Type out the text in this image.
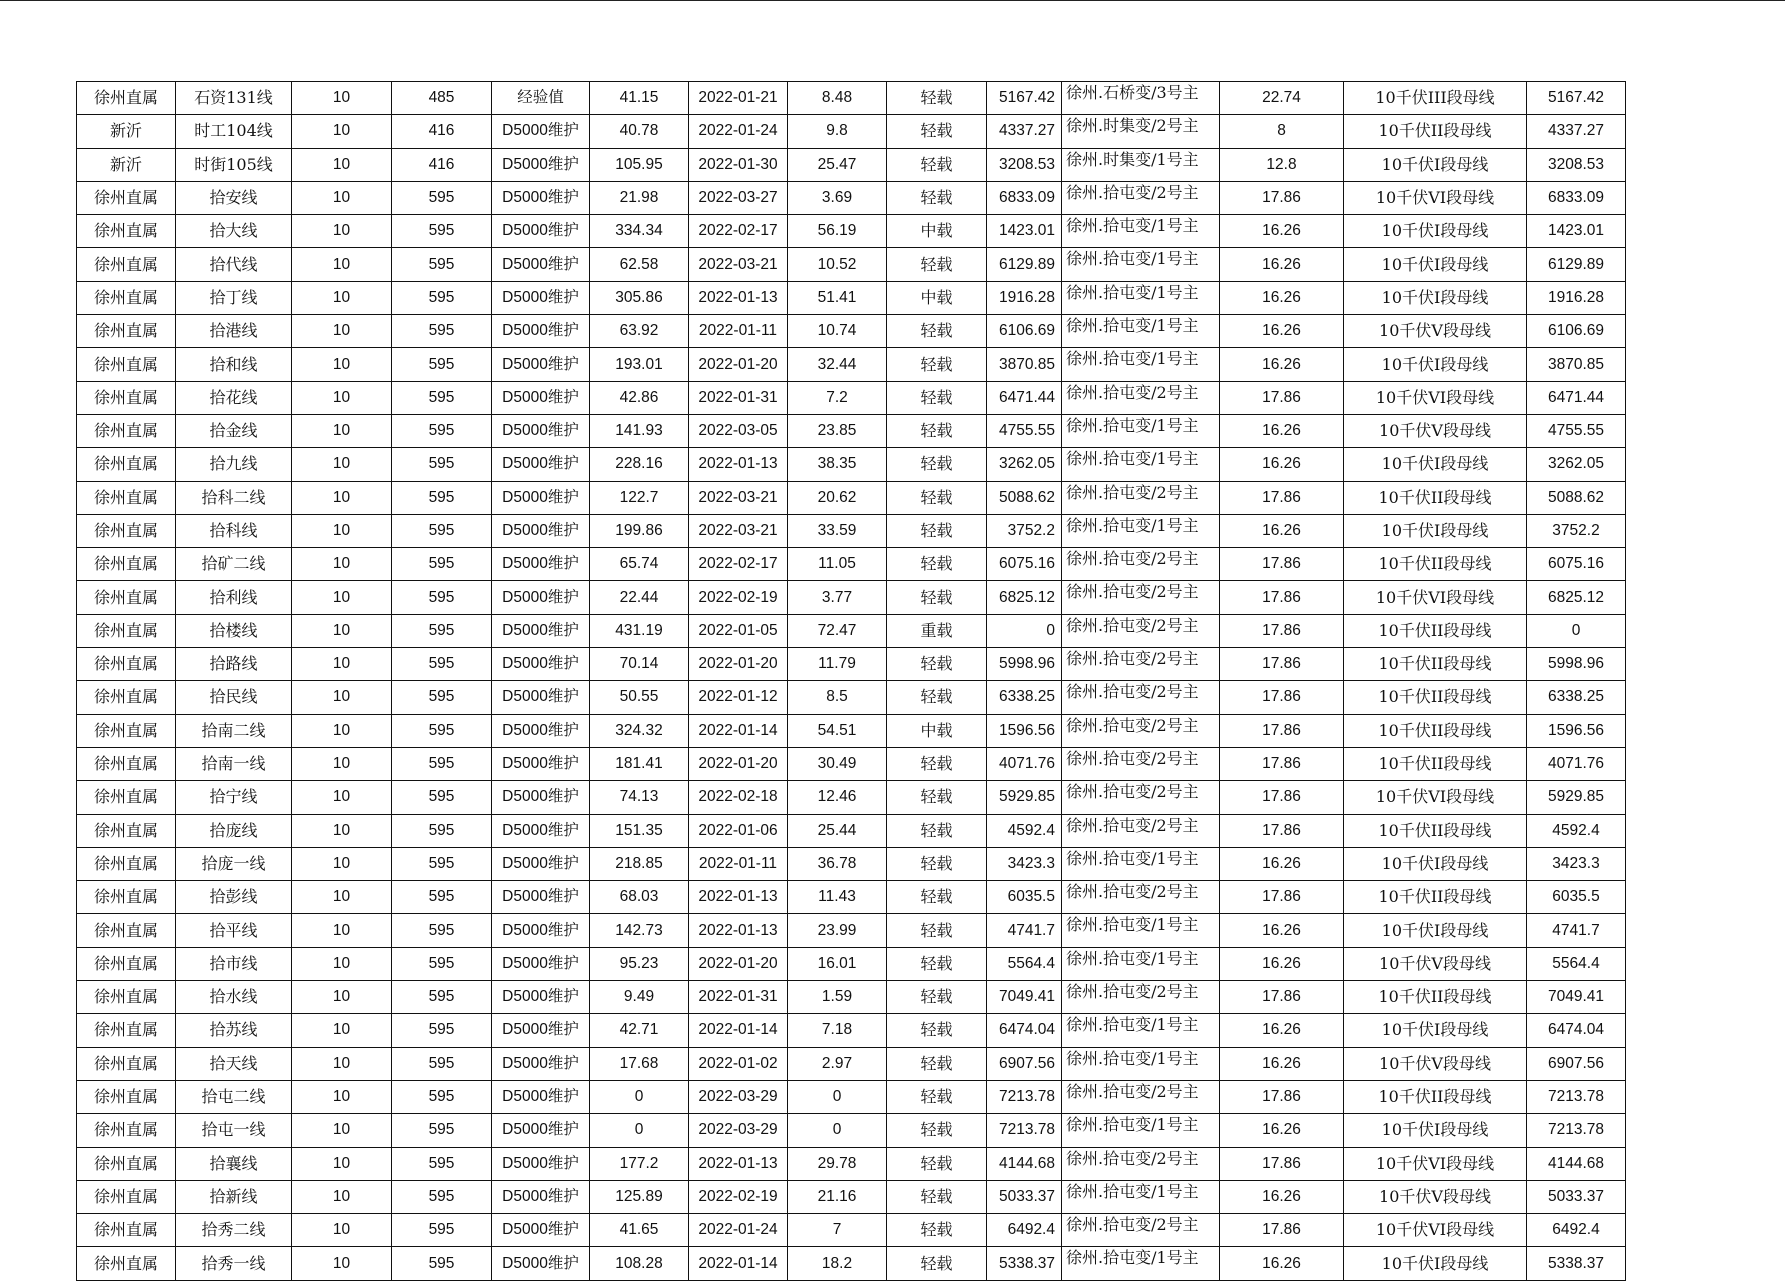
徐州直属	石资131线	10	485	经验值	41.15	2022-01-21	8.48	轻载	5167.42	徐州.石桥变/3号主	22.74	10千伏III段母线	5167.42
新沂	时工104线	10	416	D5000维护	40.78	2022-01-24	9.8	轻载	4337.27	徐州.时集变/2号主	8	10千伏II段母线	4337.27
新沂	时街105线	10	416	D5000维护	105.95	2022-01-30	25.47	轻载	3208.53	徐州.时集变/1号主	12.8	10千伏I段母线	3208.53
徐州直属	拾安线	10	595	D5000维护	21.98	2022-03-27	3.69	轻载	6833.09	徐州.拾屯变/2号主	17.86	10千伏VI段母线	6833.09
徐州直属	拾大线	10	595	D5000维护	334.34	2022-02-17	56.19	中载	1423.01	徐州.拾屯变/1号主	16.26	10千伏I段母线	1423.01
徐州直属	拾代线	10	595	D5000维护	62.58	2022-03-21	10.52	轻载	6129.89	徐州.拾屯变/1号主	16.26	10千伏I段母线	6129.89
徐州直属	拾丁线	10	595	D5000维护	305.86	2022-01-13	51.41	中载	1916.28	徐州.拾屯变/1号主	16.26	10千伏I段母线	1916.28
徐州直属	拾港线	10	595	D5000维护	63.92	2022-01-11	10.74	轻载	6106.69	徐州.拾屯变/1号主	16.26	10千伏V段母线	6106.69
徐州直属	拾和线	10	595	D5000维护	193.01	2022-01-20	32.44	轻载	3870.85	徐州.拾屯变/1号主	16.26	10千伏I段母线	3870.85
徐州直属	拾花线	10	595	D5000维护	42.86	2022-01-31	7.2	轻载	6471.44	徐州.拾屯变/2号主	17.86	10千伏VI段母线	6471.44
徐州直属	拾金线	10	595	D5000维护	141.93	2022-03-05	23.85	轻载	4755.55	徐州.拾屯变/1号主	16.26	10千伏V段母线	4755.55
徐州直属	拾九线	10	595	D5000维护	228.16	2022-01-13	38.35	轻载	3262.05	徐州.拾屯变/1号主	16.26	10千伏I段母线	3262.05
徐州直属	拾科二线	10	595	D5000维护	122.7	2022-03-21	20.62	轻载	5088.62	徐州.拾屯变/2号主	17.86	10千伏II段母线	5088.62
徐州直属	拾科线	10	595	D5000维护	199.86	2022-03-21	33.59	轻载	3752.2	徐州.拾屯变/1号主	16.26	10千伏I段母线	3752.2
徐州直属	拾矿二线	10	595	D5000维护	65.74	2022-02-17	11.05	轻载	6075.16	徐州.拾屯变/2号主	17.86	10千伏II段母线	6075.16
徐州直属	拾利线	10	595	D5000维护	22.44	2022-02-19	3.77	轻载	6825.12	徐州.拾屯变/2号主	17.86	10千伏VI段母线	6825.12
徐州直属	拾楼线	10	595	D5000维护	431.19	2022-01-05	72.47	重载	0	徐州.拾屯变/2号主	17.86	10千伏II段母线	0
徐州直属	拾路线	10	595	D5000维护	70.14	2022-01-20	11.79	轻载	5998.96	徐州.拾屯变/2号主	17.86	10千伏II段母线	5998.96
徐州直属	拾民线	10	595	D5000维护	50.55	2022-01-12	8.5	轻载	6338.25	徐州.拾屯变/2号主	17.86	10千伏II段母线	6338.25
徐州直属	拾南二线	10	595	D5000维护	324.32	2022-01-14	54.51	中载	1596.56	徐州.拾屯变/2号主	17.86	10千伏II段母线	1596.56
徐州直属	拾南一线	10	595	D5000维护	181.41	2022-01-20	30.49	轻载	4071.76	徐州.拾屯变/2号主	17.86	10千伏II段母线	4071.76
徐州直属	拾宁线	10	595	D5000维护	74.13	2022-02-18	12.46	轻载	5929.85	徐州.拾屯变/2号主	17.86	10千伏VI段母线	5929.85
徐州直属	拾庞线	10	595	D5000维护	151.35	2022-01-06	25.44	轻载	4592.4	徐州.拾屯变/2号主	17.86	10千伏II段母线	4592.4
徐州直属	拾庞一线	10	595	D5000维护	218.85	2022-01-11	36.78	轻载	3423.3	徐州.拾屯变/1号主	16.26	10千伏I段母线	3423.3
徐州直属	拾彭线	10	595	D5000维护	68.03	2022-01-13	11.43	轻载	6035.5	徐州.拾屯变/2号主	17.86	10千伏II段母线	6035.5
徐州直属	拾平线	10	595	D5000维护	142.73	2022-01-13	23.99	轻载	4741.7	徐州.拾屯变/1号主	16.26	10千伏I段母线	4741.7
徐州直属	拾市线	10	595	D5000维护	95.23	2022-01-20	16.01	轻载	5564.4	徐州.拾屯变/1号主	16.26	10千伏V段母线	5564.4
徐州直属	拾水线	10	595	D5000维护	9.49	2022-01-31	1.59	轻载	7049.41	徐州.拾屯变/2号主	17.86	10千伏II段母线	7049.41
徐州直属	拾苏线	10	595	D5000维护	42.71	2022-01-14	7.18	轻载	6474.04	徐州.拾屯变/1号主	16.26	10千伏I段母线	6474.04
徐州直属	拾天线	10	595	D5000维护	17.68	2022-01-02	2.97	轻载	6907.56	徐州.拾屯变/1号主	16.26	10千伏V段母线	6907.56
徐州直属	拾屯二线	10	595	D5000维护	0	2022-03-29	0	轻载	7213.78	徐州.拾屯变/2号主	17.86	10千伏II段母线	7213.78
徐州直属	拾屯一线	10	595	D5000维护	0	2022-03-29	0	轻载	7213.78	徐州.拾屯变/1号主	16.26	10千伏I段母线	7213.78
徐州直属	拾襄线	10	595	D5000维护	177.2	2022-01-13	29.78	轻载	4144.68	徐州.拾屯变/2号主	17.86	10千伏VI段母线	4144.68
徐州直属	拾新线	10	595	D5000维护	125.89	2022-02-19	21.16	轻载	5033.37	徐州.拾屯变/1号主	16.26	10千伏V段母线	5033.37
徐州直属	拾秀二线	10	595	D5000维护	41.65	2022-01-24	7	轻载	6492.4	徐州.拾屯变/2号主	17.86	10千伏VI段母线	6492.4
徐州直属	拾秀一线	10	595	D5000维护	108.28	2022-01-14	18.2	轻载	5338.37	徐州.拾屯变/1号主	16.26	10千伏I段母线	5338.37
